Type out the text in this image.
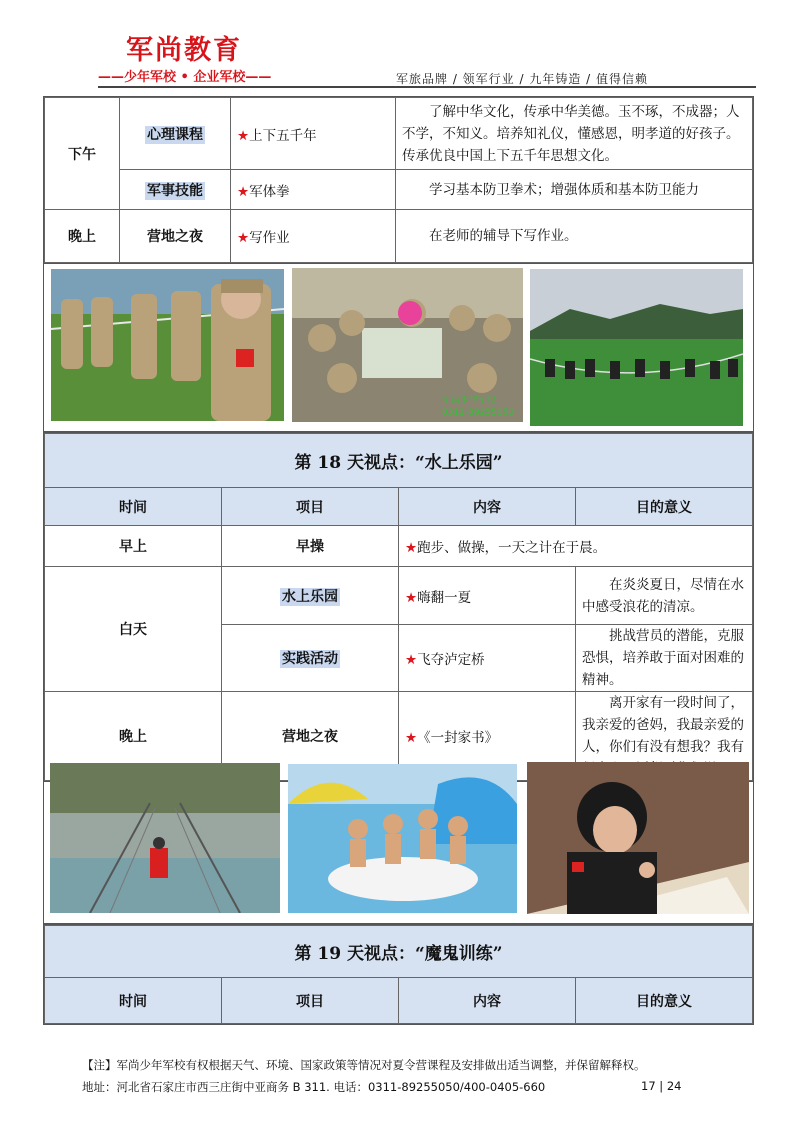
军尚教育
——少年军校 • 企业军校——	军旅品牌 / 领军行业 / 九年铸造 / 值得信赖
下午	心理课程	★上下五千年	了解中华文化，传承中华美德。玉不琢，不成器；人不学，不知义。培养知礼仪，懂感恩，明孝道的好孩子。传承优良中国上下五千年思想文化。
	军事技能	★军体拳	学习基本防卫拳术；增强体质和基本防卫能力
晚上	营地之夜	★写作业	在老师的辅导下写作业。
军尚少年军校
0311-89255050
第 18 天视点：“水上乐园”			
时间	项目	内容	目的意义
早上	早操	★跑步、做操，一天之计在于晨。	
白天	水上乐园	★嗨翻一夏	在炎炎夏日，尽情在水中感受浪花的清凉。
	实践活动	★飞夺泸定桥	挑战营员的潜能，克服恐惧，培养敢于面对困难的精神。
晚上	营地之夜	★《一封家书》	离开家有一段时间了，我亲爱的爸妈，我最亲爱的人，你们有没有想我？我有
第 19 天视点：“魔鬼训练”
时间	项目	内容	目的意义
【注】军尚少年军校有权根据天气、环境、国家政策等情况对夏令营课程及安排做出适当调整，并保留解释权。
地址：河北省石家庄市西三庄街中亚商务 B 311. 电话：0311-89255050/400-0405-660	17 | 24
